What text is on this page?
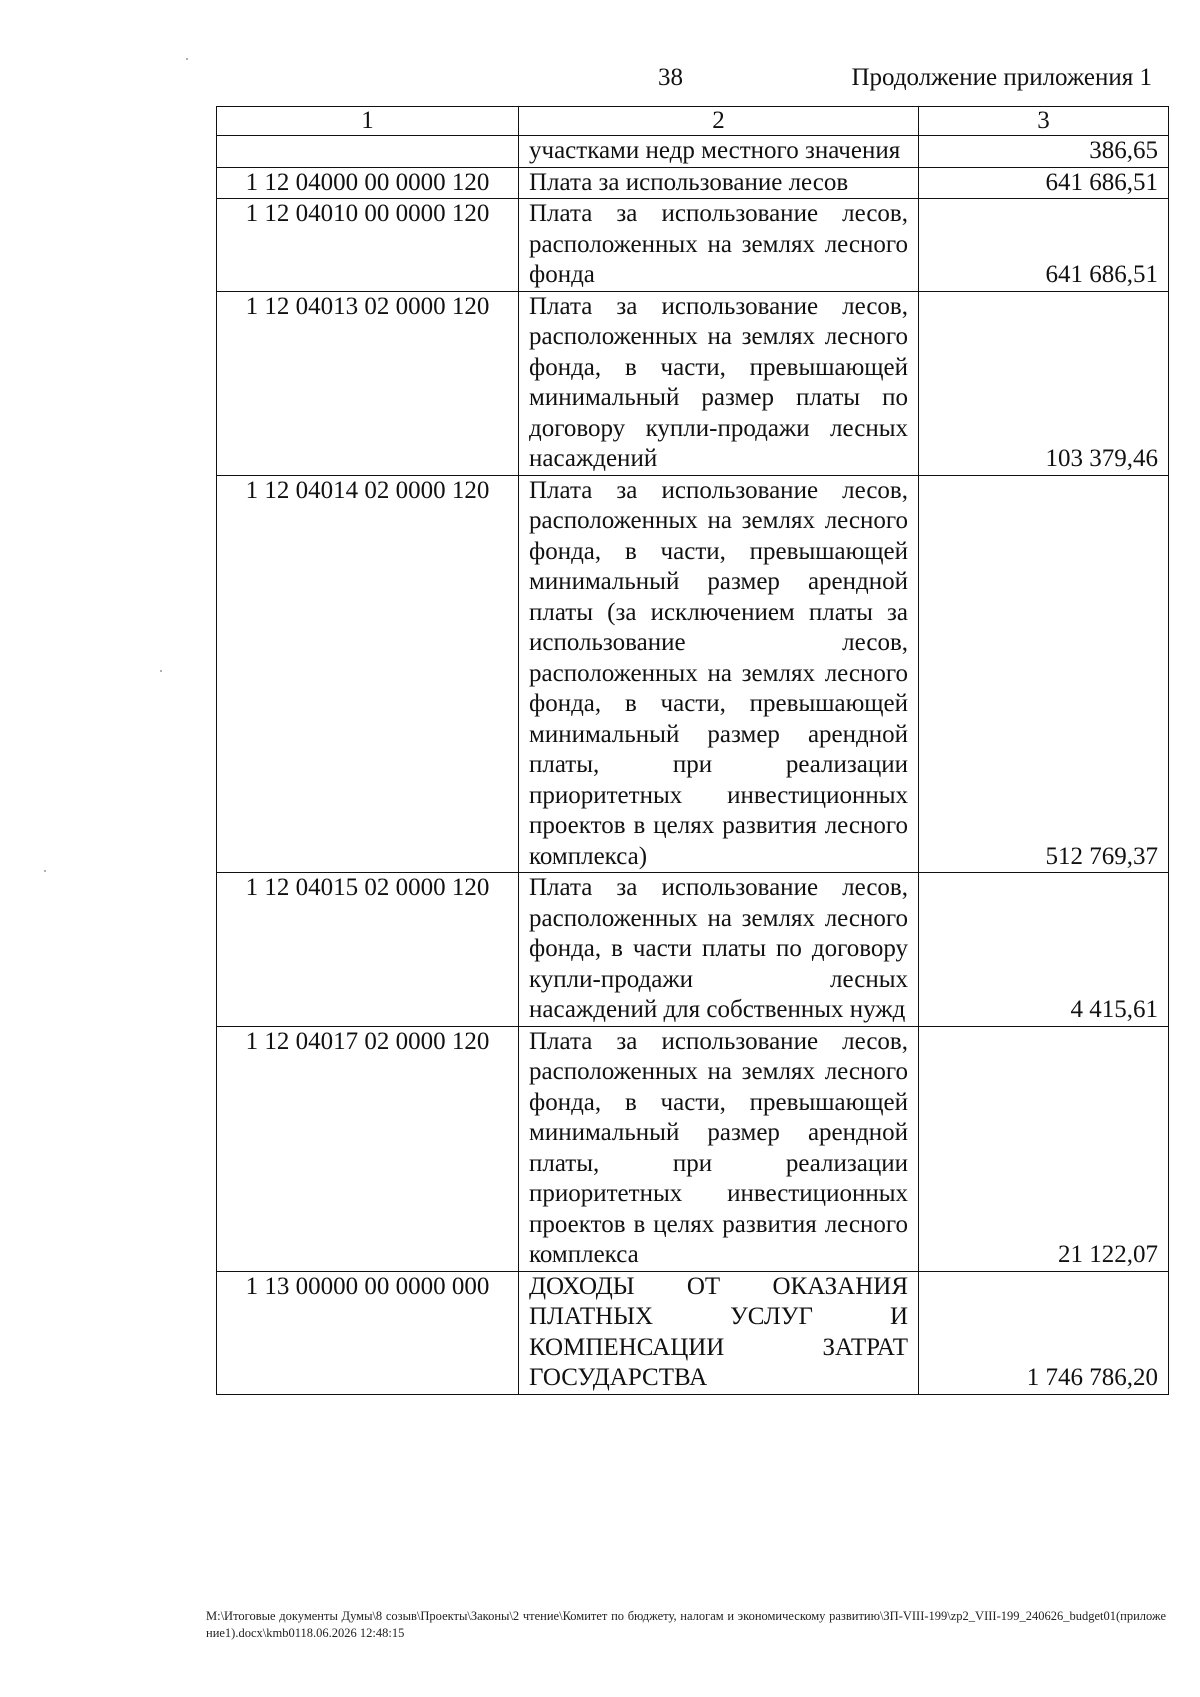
38	Продолжение приложения 1
1	2	3

	участками недр местного значения	386,65
1 12 04000 00 0000 120	Плата за использование лесов	641 686,51
1 12 04010 00 0000 120	Плата за использование лесов, расположенных на землях лесного фонда	641 686,51
1 12 04013 02 0000 120	Плата за использование лесов, расположенных на землях лесного фонда, в части, превышающей минимальный размер платы по договору купли-продажи лесных насаждений	103 379,46
1 12 04014 02 0000 120	Плата за использование лесов, расположенных на землях лесного фонда, в части, превышающей минимальный размер арендной платы (за исключением платы за использование лесов, расположенных на землях лесного фонда, в части, превышающей минимальный размер арендной платы, при реализации приоритетных инвестиционных проектов в целях развития лесного комплекса)	512 769,37
1 12 04015 02 0000 120	Плата за использование лесов, расположенных на землях лесного фонда, в части платы по договору купли-продажи лесных насаждений для собственных нужд	4 415,61
1 12 04017 02 0000 120	Плата за использование лесов, расположенных на землях лесного фонда, в части, превышающей минимальный размер арендной платы, при реализации приоритетных инвестиционных проектов в целях развития лесного комплекса	21 122,07
1 13 00000 00 0000 000	ДОХОДЫ ОТ ОКАЗАНИЯ ПЛАТНЫХ УСЛУГ И КОМПЕНСАЦИИ ЗАТРАТ ГОСУДАРСТВА	1 746 786,20
M:\Итоговые документы Думы\8 созыв\Проекты\Законы\2 чтение\Комитет по бюджету, налогам и экономическому развитию\ЗП-VIII-199\zp2_VIII-199_240626_budget01(приложение1).docx\kmb0118.06.2026 12:48:15
